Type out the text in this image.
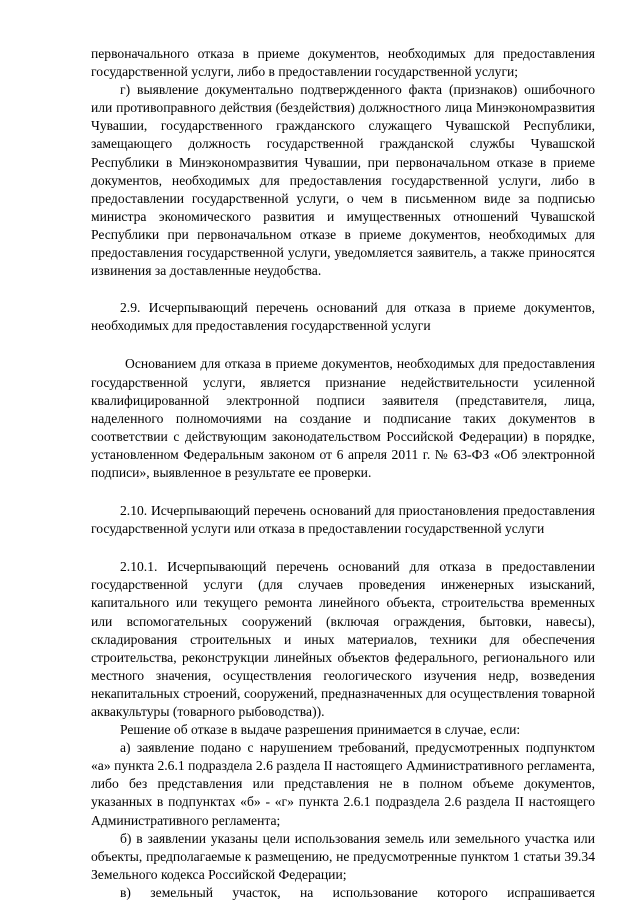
первоначального отказа в приеме документов, необходимых для предоставления государственной услуги, либо в предоставлении государственной услуги;

г) выявление документально подтвержденного факта (признаков) ошибочного или противоправного действия (бездействия) должностного лица Минэкономразвития Чувашии, государственного гражданского служащего Чувашской Республики, замещающего должность государственной гражданской службы Чувашской Республики в Минэкономразвития Чувашии, при первоначальном отказе в приеме документов, необходимых для предоставления государственной услуги, либо в предоставлении государственной услуги, о чем в письменном виде за подписью министра экономического развития и имущественных отношений Чувашской Республики при первоначальном отказе в приеме документов, необходимых для предоставления государственной услуги, уведомляется заявитель, а также приносятся извинения за доставленные неудобства.

2.9. Исчерпывающий перечень оснований для отказа в приеме документов, необходимых для предоставления государственной услуги

Основанием для отказа в приеме документов, необходимых для предоставления государственной услуги, является признание недействительности усиленной квалифицированной электронной подписи заявителя (представителя, лица, наделенного полномочиями на создание и подписание таких документов в соответствии с действующим законодательством Российской Федерации) в порядке, установленном Федеральным законом от 6 апреля 2011 г. № 63-ФЗ «Об электронной подписи», выявленное в результате ее проверки.

2.10. Исчерпывающий перечень оснований для приостановления предоставления государственной услуги или отказа в предоставлении государственной услуги

2.10.1. Исчерпывающий перечень оснований для отказа в предоставлении государственной услуги (для случаев проведения инженерных изысканий, капитального или текущего ремонта линейного объекта, строительства временных или вспомогательных сооружений (включая ограждения, бытовки, навесы), складирования строительных и иных материалов, техники для обеспечения строительства, реконструкции линейных объектов федерального, регионального или местного значения, осуществления геологического изучения недр, возведения некапитальных строений, сооружений, предназначенных для осуществления товарной аквакультуры (товарного рыбоводства)).

Решение об отказе в выдаче разрешения принимается в случае, если:

а) заявление подано с нарушением требований, предусмотренных подпунктом «а» пункта 2.6.1 подраздела 2.6 раздела II настоящего Административного регламента, либо без представления или представления не в полном объеме документов, указанных в подпунктах «б» - «г» пункта 2.6.1 подраздела 2.6 раздела II настоящего Административного регламента;

б) в заявлении указаны цели использования земель или земельного участка или объекты, предполагаемые к размещению, не предусмотренные пунктом 1 статьи 39.34 Земельного кодекса Российской Федерации;

в) земельный участок, на использование которого испрашивается
